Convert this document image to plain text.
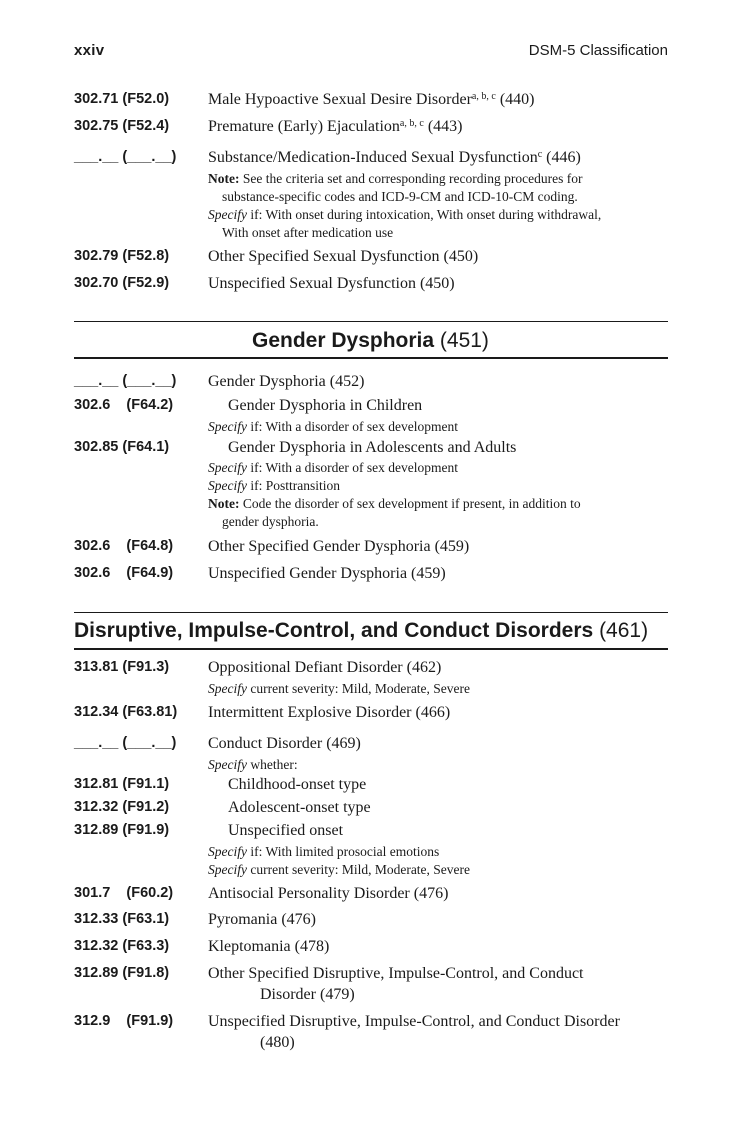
xxiv	DSM-5 Classification
302.71 (F52.0) Male Hypoactive Sexual Desire Disorder$^{a, b, c}$ (440)
302.75 (F52.4) Premature (Early) Ejaculation$^{a, b, c}$ (443)
___.__ (___.__) Substance/Medication-Induced Sexual Dysfunction$^c$ (446)
Note: See the criteria set and corresponding recording procedures for
substance-specific codes and ICD-9-CM and ICD-10-CM coding.
Specify if: With onset during intoxication, With onset during withdrawal,
With onset after medication use
302.79 (F52.8) Other Specified Sexual Dysfunction (450)
302.70 (F52.9) Unspecified Sexual Dysfunction (450)
Gender Dysphoria (451)
___.__ (___.__) Gender Dysphoria (452)
302.6    (F64.2)	Gender Dysphoria in Children
Specify if: With a disorder of sex development
302.85 (F64.1)	Gender Dysphoria in Adolescents and Adults
Specify if: With a disorder of sex development
Specify if: Posttransition
Note: Code the disorder of sex development if present, in addition to
gender dysphoria.
302.6    (F64.8) Other Specified Gender Dysphoria (459)
302.6    (F64.9) Unspecified Gender Dysphoria (459)
Disruptive, Impulse-Control, and Conduct Disorders (461)
313.81 (F91.3) Oppositional Defiant Disorder (462)
Specify current severity: Mild, Moderate, Severe
312.34 (F63.81) Intermittent Explosive Disorder (466)
___.__ (___.__) Conduct Disorder (469)
Specify whether:
312.81 (F91.1)	Childhood-onset type
312.32 (F91.2)	Adolescent-onset type
312.89 (F91.9)	Unspecified onset
Specify if: With limited prosocial emotions
Specify current severity: Mild, Moderate, Severe
301.7    (F60.2) Antisocial Personality Disorder (476)
312.33 (F63.1) Pyromania (476)
312.32 (F63.3) Kleptomania (478)
312.89 (F91.8) Other Specified Disruptive, Impulse-Control, and Conduct
Disorder (479)
312.9    (F91.9) Unspecified Disruptive, Impulse-Control, and Conduct Disorder
(480)
